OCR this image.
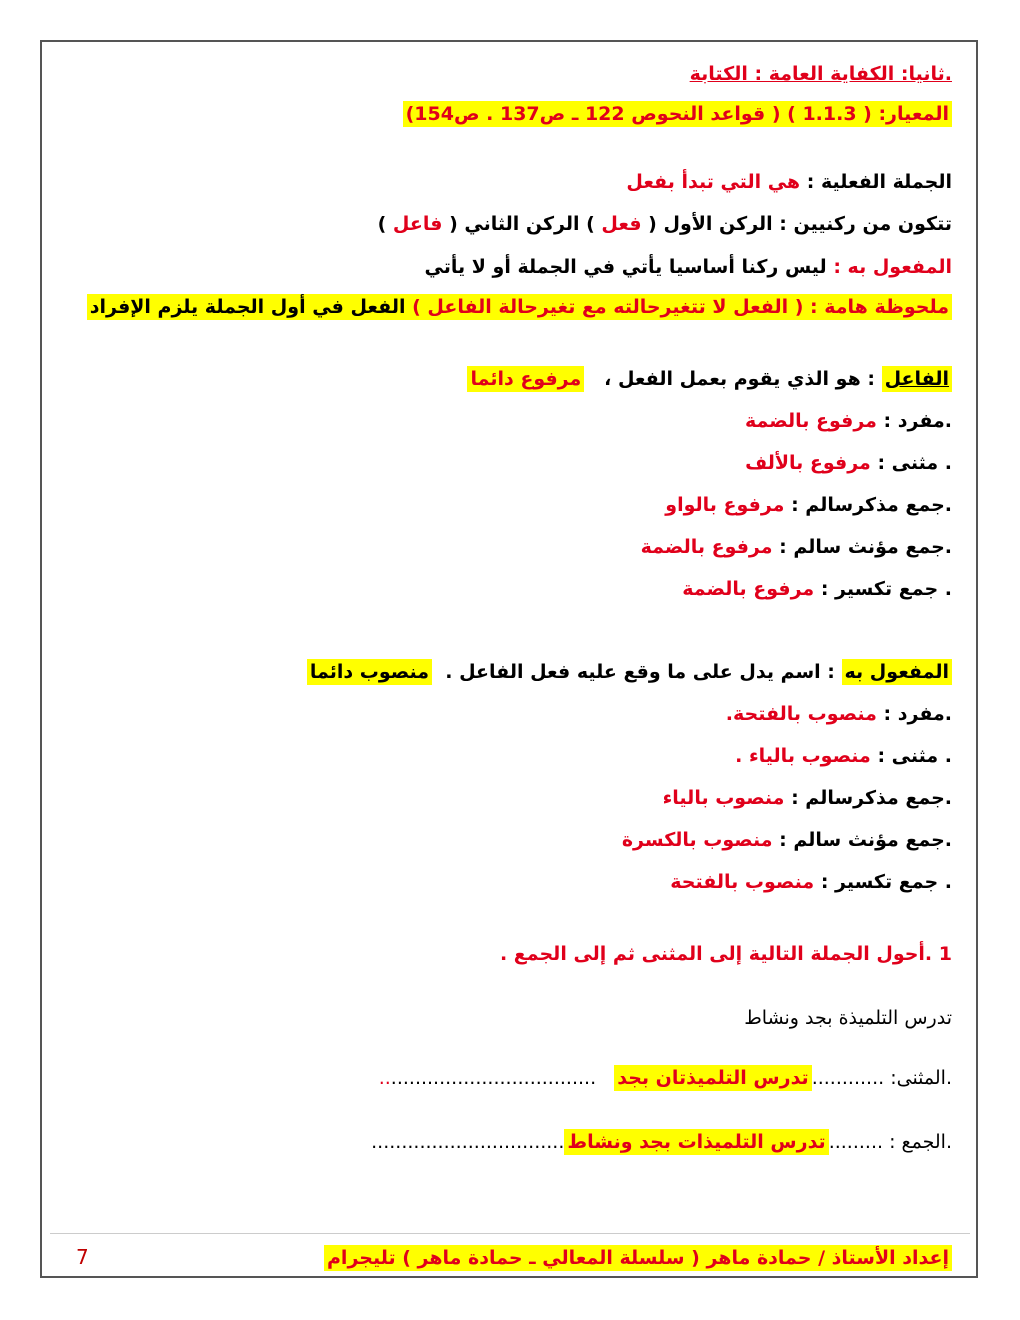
.ثانيا: الكفاية العامة : الكتابة
المعيار: ( 1.1.3 ) ( قواعد النحوص 122 ـ ص137 . ص154)
الجملة الفعلية : هي التي تبدأ بفعل
تتكون من ركنيين : الركن الأول ( فعل ) الركن الثاني ( فاعل )
المفعول به : ليس ركنا أساسيا يأتي في الجملة أو لا يأتي
ملحوظة هامة : ( الفعل لا تتغيرحالته مع تغيرحالة الفاعل ) الفعل في أول الجملة يلزم الإفراد
الفاعل : هو الذي يقوم بعمل الفعل ،   مرفوع دائما
.مفرد : مرفوع بالضمة
. مثنى : مرفوع بالألف
.جمع مذكرسالم : مرفوع بالواو
.جمع مؤنث سالم : مرفوع بالضمة
. جمع تكسير : مرفوع بالضمة
المفعول به : اسم يدل على ما وقع عليه فعل الفاعل .  منصوب دائما
.مفرد : منصوب بالفتحة.
. مثنى : منصوب بالياء .
.جمع مذكرسالم : منصوب بالياء
.جمع مؤنث سالم : منصوب بالكسرة
. جمع تكسير : منصوب بالفتحة
1 .أحول الجملة التالية إلى المثنى ثم إلى الجمع .
تدرس التلميذة بجد ونشاط
.المثنى: ............تدرس التلميذتان بجد   ....................................
.الجمع : .........تدرس التلميذات بجد ونشاط................................
إعداد الأستاذ / حمادة ماهر ( سلسلة المعالي ـ حمادة ماهر ) تليجرام
7
